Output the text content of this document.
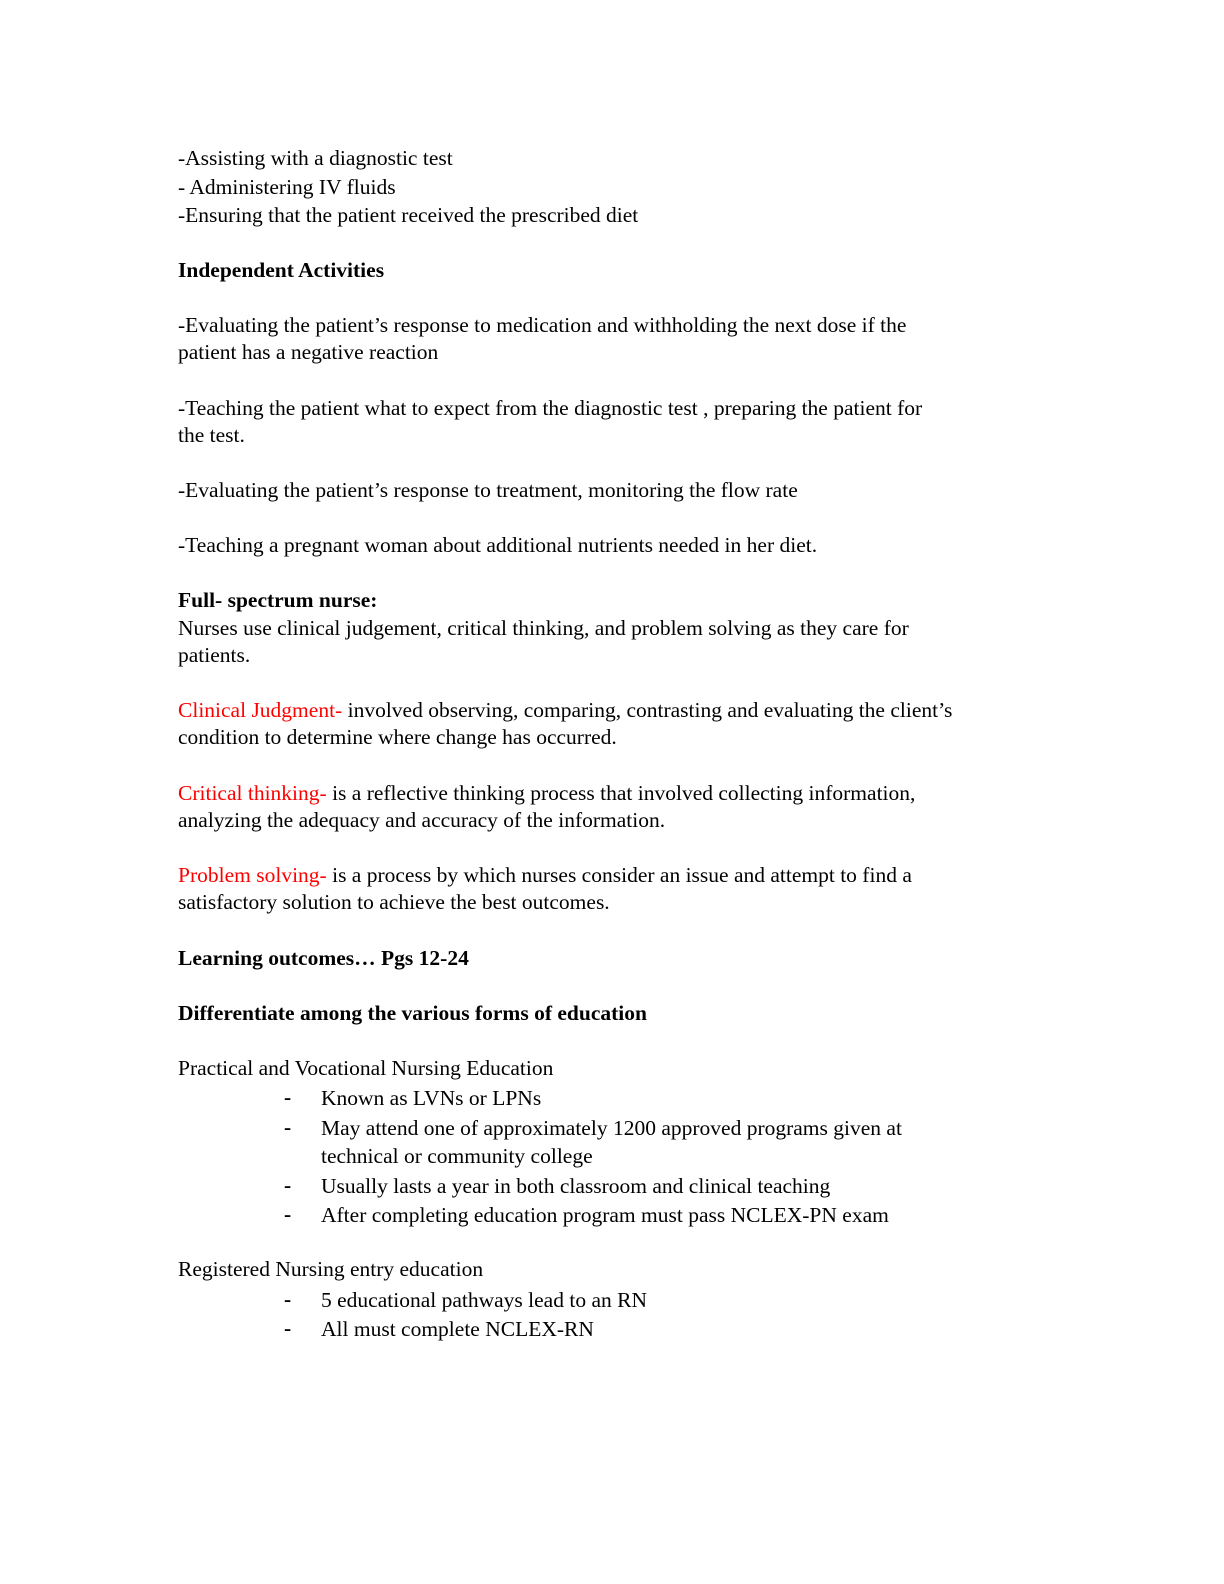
-Assisting with a diagnostic test
- Administering IV fluids
-Ensuring that the patient received the prescribed diet
Independent Activities
-Evaluating the patient’s response to medication and withholding the next dose if the
patient has a negative reaction
-Teaching the patient what to expect from the diagnostic test , preparing the patient for
the test.
-Evaluating the patient’s response to treatment, monitoring the flow rate
-Teaching a pregnant woman about additional nutrients needed in her diet.
Full- spectrum nurse:
Nurses use clinical judgement, critical thinking, and problem solving as they care for
patients.
Clinical Judgment- involved observing, comparing, contrasting and evaluating the client’s
condition to determine where change has occurred.
Critical thinking- is a reflective thinking process that involved collecting information,
analyzing the adequacy and accuracy of the information.
Problem solving- is a process by which nurses consider an issue and attempt to find a
satisfactory solution to achieve the best outcomes.
Learning outcomes… Pgs 12-24
Differentiate among the various forms of education
Practical and Vocational Nursing Education
- Known as LVNs or LPNs
- May attend one of approximately 1200 approved programs given at
technical or community college
- Usually lasts a year in both classroom and clinical teaching
- After completing education program must pass NCLEX-PN exam
Registered Nursing entry education
- 5 educational pathways lead to an RN
- All must complete NCLEX-RN
